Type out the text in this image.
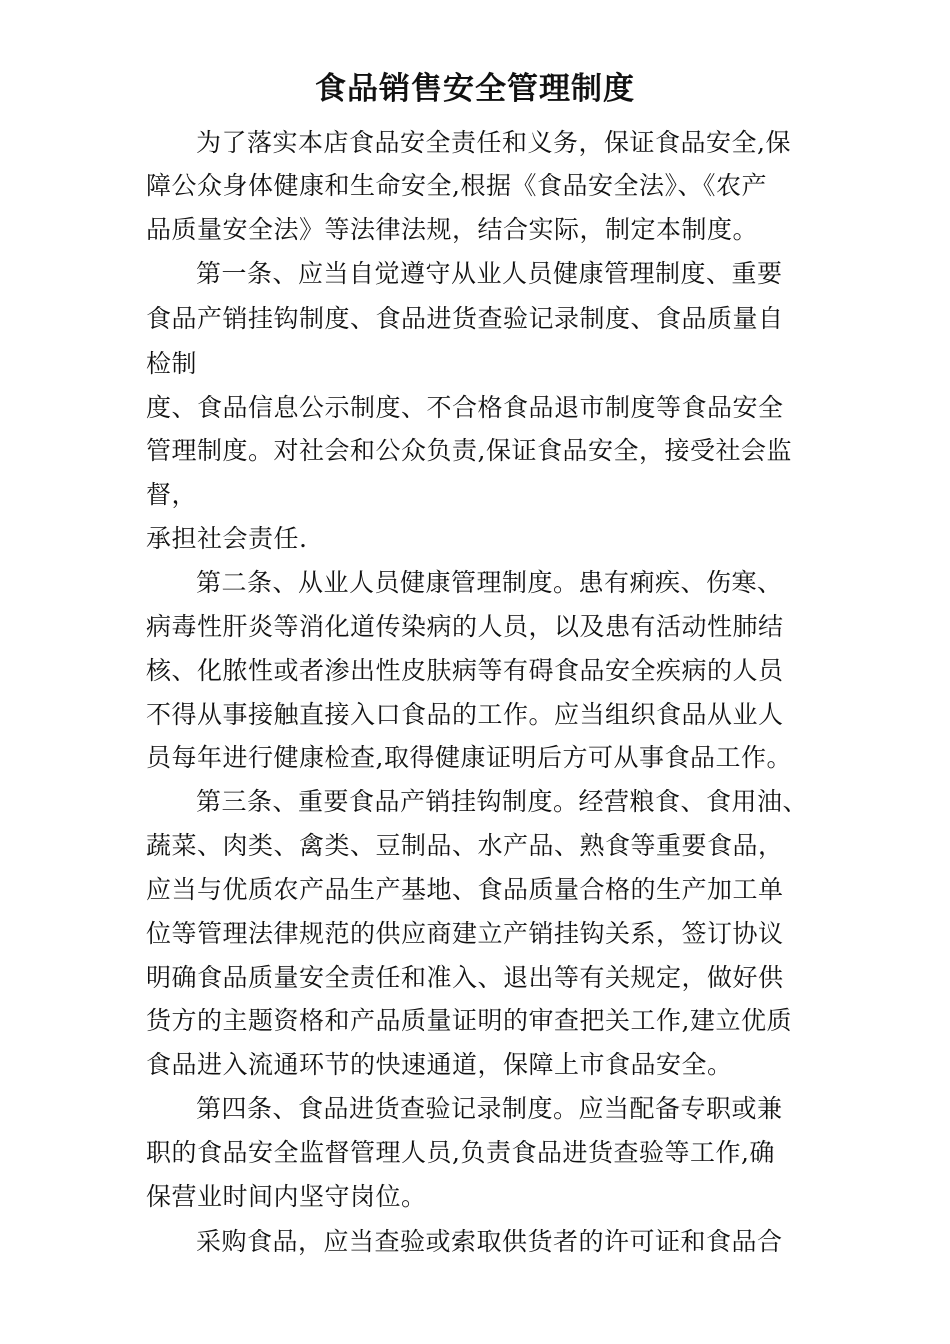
食品销售安全管理制度
为了落实本店食品安全责任和义务，保证食品安全,保
障公众身体健康和生命安全,根据《食品安全法》、《农产
品质量安全法》等法律法规，结合实际，制定本制度。
第一条、应当自觉遵守从业人员健康管理制度、重要
食品产销挂钩制度、食品进货查验记录制度、食品质量自
检制
度、食品信息公示制度、不合格食品退市制度等食品安全
管理制度。对社会和公众负责,保证食品安全，接受社会监
督，
承担社会责任.
第二条、从业人员健康管理制度。患有痢疾、伤寒、
病毒性肝炎等消化道传染病的人员，以及患有活动性肺结
核、化脓性或者渗出性皮肤病等有碍食品安全疾病的人员
不得从事接触直接入口食品的工作。应当组织食品从业人
员每年进行健康检查,取得健康证明后方可从事食品工作。
第三条、重要食品产销挂钩制度。经营粮食、食用油、
蔬菜、肉类、禽类、豆制品、水产品、熟食等重要食品，
应当与优质农产品生产基地、食品质量合格的生产加工单
位等管理法律规范的供应商建立产销挂钩关系，签订协议
明确食品质量安全责任和准入、退出等有关规定，做好供
货方的主题资格和产品质量证明的审查把关工作,建立优质
食品进入流通环节的快速通道，保障上市食品安全。
第四条、食品进货查验记录制度。应当配备专职或兼
职的食品安全监督管理人员,负责食品进货查验等工作,确
保营业时间内坚守岗位。
采购食品，应当查验或索取供货者的许可证和食品合
